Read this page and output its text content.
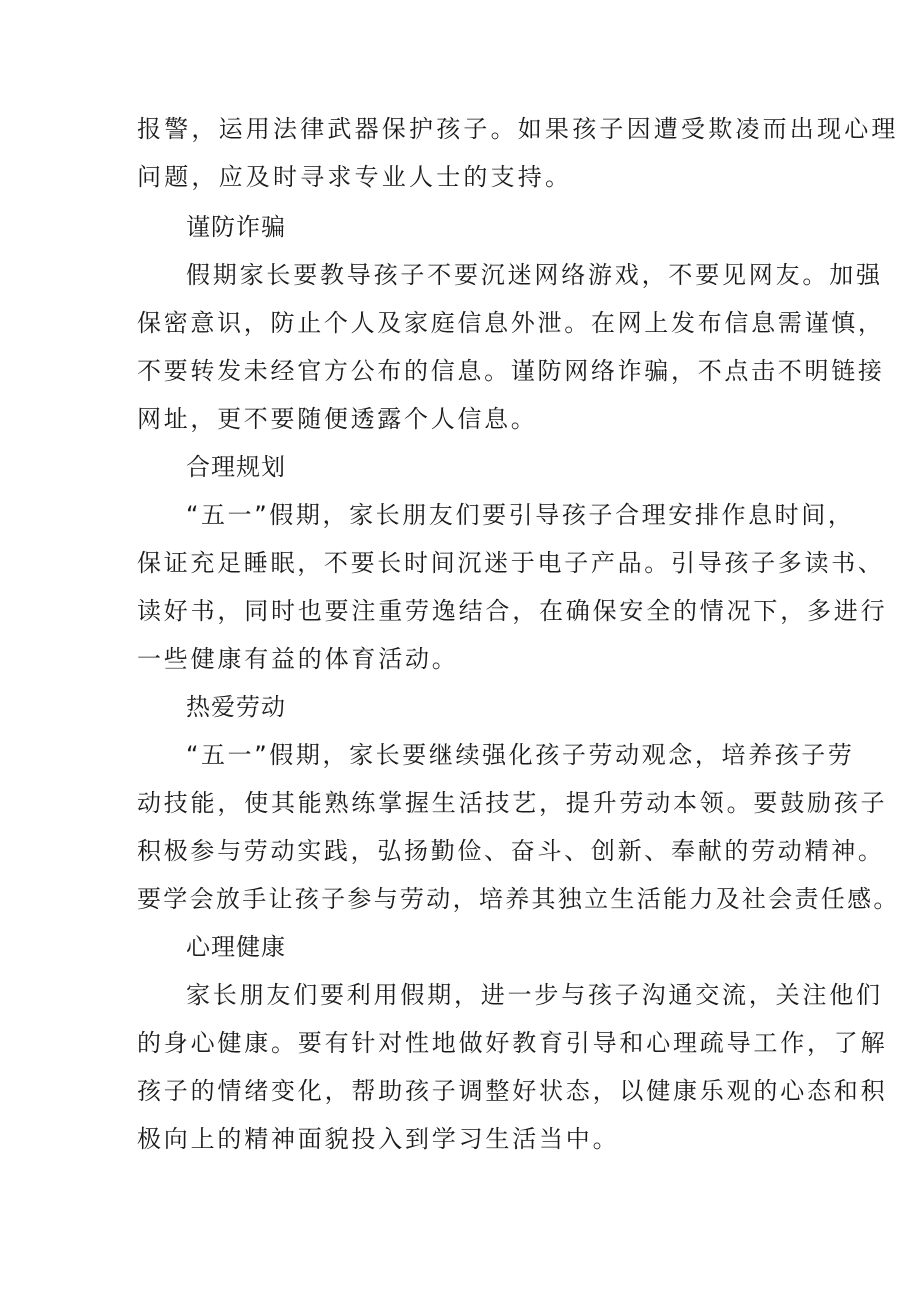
报警，运用法律武器保护孩子。如果孩子因遭受欺凌而出现心理

问题，应及时寻求专业人士的支持。

谨防诈骗

假期家长要教导孩子不要沉迷网络游戏，不要见网友。加强

保密意识，防止个人及家庭信息外泄。在网上发布信息需谨慎，

不要转发未经官方公布的信息。谨防网络诈骗，不点击不明链接

网址，更不要随便透露个人信息。

合理规划

“五一”假期，家长朋友们要引导孩子合理安排作息时间，

保证充足睡眠，不要长时间沉迷于电子产品。引导孩子多读书、

读好书，同时也要注重劳逸结合，在确保安全的情况下，多进行

一些健康有益的体育活动。

热爱劳动

“五一”假期，家长要继续强化孩子劳动观念，培养孩子劳

动技能，使其能熟练掌握生活技艺，提升劳动本领。要鼓励孩子

积极参与劳动实践，弘扬勤俭、奋斗、创新、奉献的劳动精神。

要学会放手让孩子参与劳动，培养其独立生活能力及社会责任感。

心理健康

家长朋友们要利用假期，进一步与孩子沟通交流，关注他们

的身心健康。要有针对性地做好教育引导和心理疏导工作，了解

孩子的情绪变化，帮助孩子调整好状态，以健康乐观的心态和积

极向上的精神面貌投入到学习生活当中。
